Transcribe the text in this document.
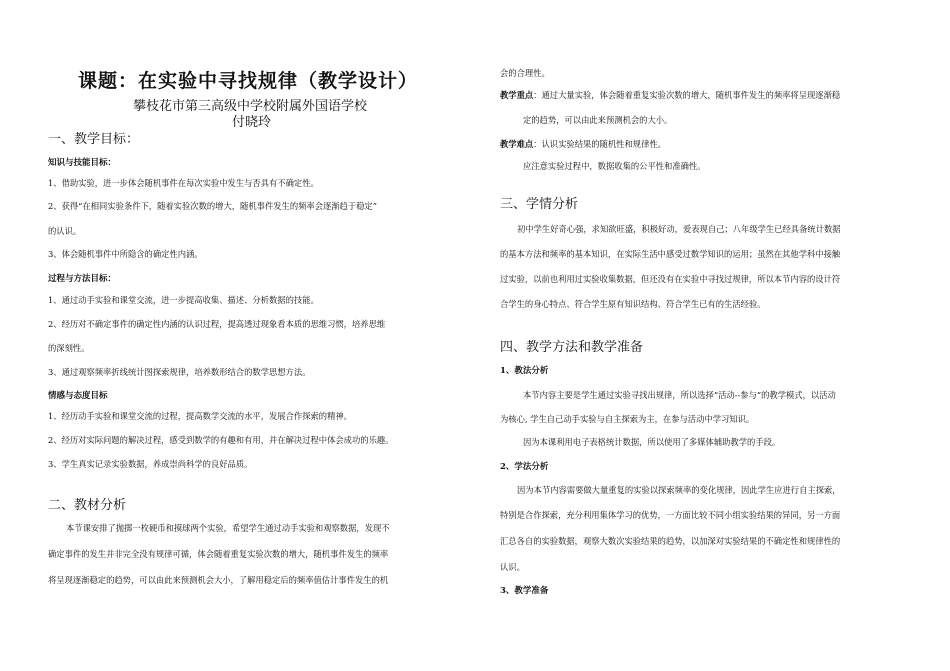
课题：在实验中寻找规律（教学设计）
攀枝花市第三高级中学校附属外国语学校
付晓玲
一、教学目标：
知识与技能目标：
1、借助实验，进一步体会随机事件在每次实验中发生与否具有不确定性。
2、获得“在相同实验条件下，随着实验次数的增大，随机事件发生的频率会逐渐趋于稳定”
的认识。
3、体会随机事件中所隐含的确定性内涵。
过程与方法目标：
1、通过动手实验和课堂交流，进一步提高收集、描述、分析数据的技能。
2、经历对不确定事件的确定性内涵的认识过程，提高透过现象看本质的思维习惯，培养思维
的深刻性。
3、通过观察频率折线统计图探索规律，培养数形结合的数学思想方法。
情感与态度目标
1、经历动手实验和课堂交流的过程，提高数学交流的水平，发展合作探索的精神。
2、经历对实际问题的解决过程，感受到数学的有趣和有用，并在解决过程中体会成功的乐趣。
3、学生真实记录实验数据，养成崇尚科学的良好品质。
二、教材分析
本节课安排了抛掷一枚硬币和摸球两个实验，希望学生通过动手实验和观察数据，发现不
确定事件的发生并非完全没有规律可循，体会随着重复实验次数的增大，随机事件发生的频率
将呈现逐渐稳定的趋势，可以由此来预测机会大小，了解用稳定后的频率值估计事件发生的机
会的合理性。
教学重点：通过大量实验，体会随着重复实验次数的增大，随机事件发生的频率将呈现逐渐稳
定的趋势，可以由此来预测机会的大小。
教学难点：认识实验结果的随机性和规律性。
应注意实验过程中，数据收集的公平性和准确性。
三、学情分析
初中学生好奇心强，求知欲旺盛，积极好动，爱表现自己；八年级学生已经具备统计数据
的基本方法和频率的基本知识，在实际生活中感受过数学知识的运用；虽然在其他学科中接触
过实验，以前也利用过实验收集数据，但还没有在实验中寻找过规律，所以本节内容的设计符
合学生的身心特点、符合学生原有知识结构、符合学生已有的生活经验。
四、教学方法和教学准备
1、教法分析
本节内容主要是学生通过实验寻找出规律，所以选择“活动--参与”的教学模式，以活动
为核心, 学生自己动手实验与自主探索为主，在参与活动中学习知识。
因为本课利用电子表格统计数据，所以使用了多媒体辅助教学的手段。
2、学法分析
因为本节内容需要做大量重复的实验以探索频率的变化规律，因此学生应进行自主探索，
特别是合作探索，充分利用集体学习的优势，一方面比较不同小组实验结果的异同，另一方面
汇总各自的实验数据，观察大数次实验结果的趋势，以加深对实验结果的不确定性和规律性的
认识。
3、教学准备
